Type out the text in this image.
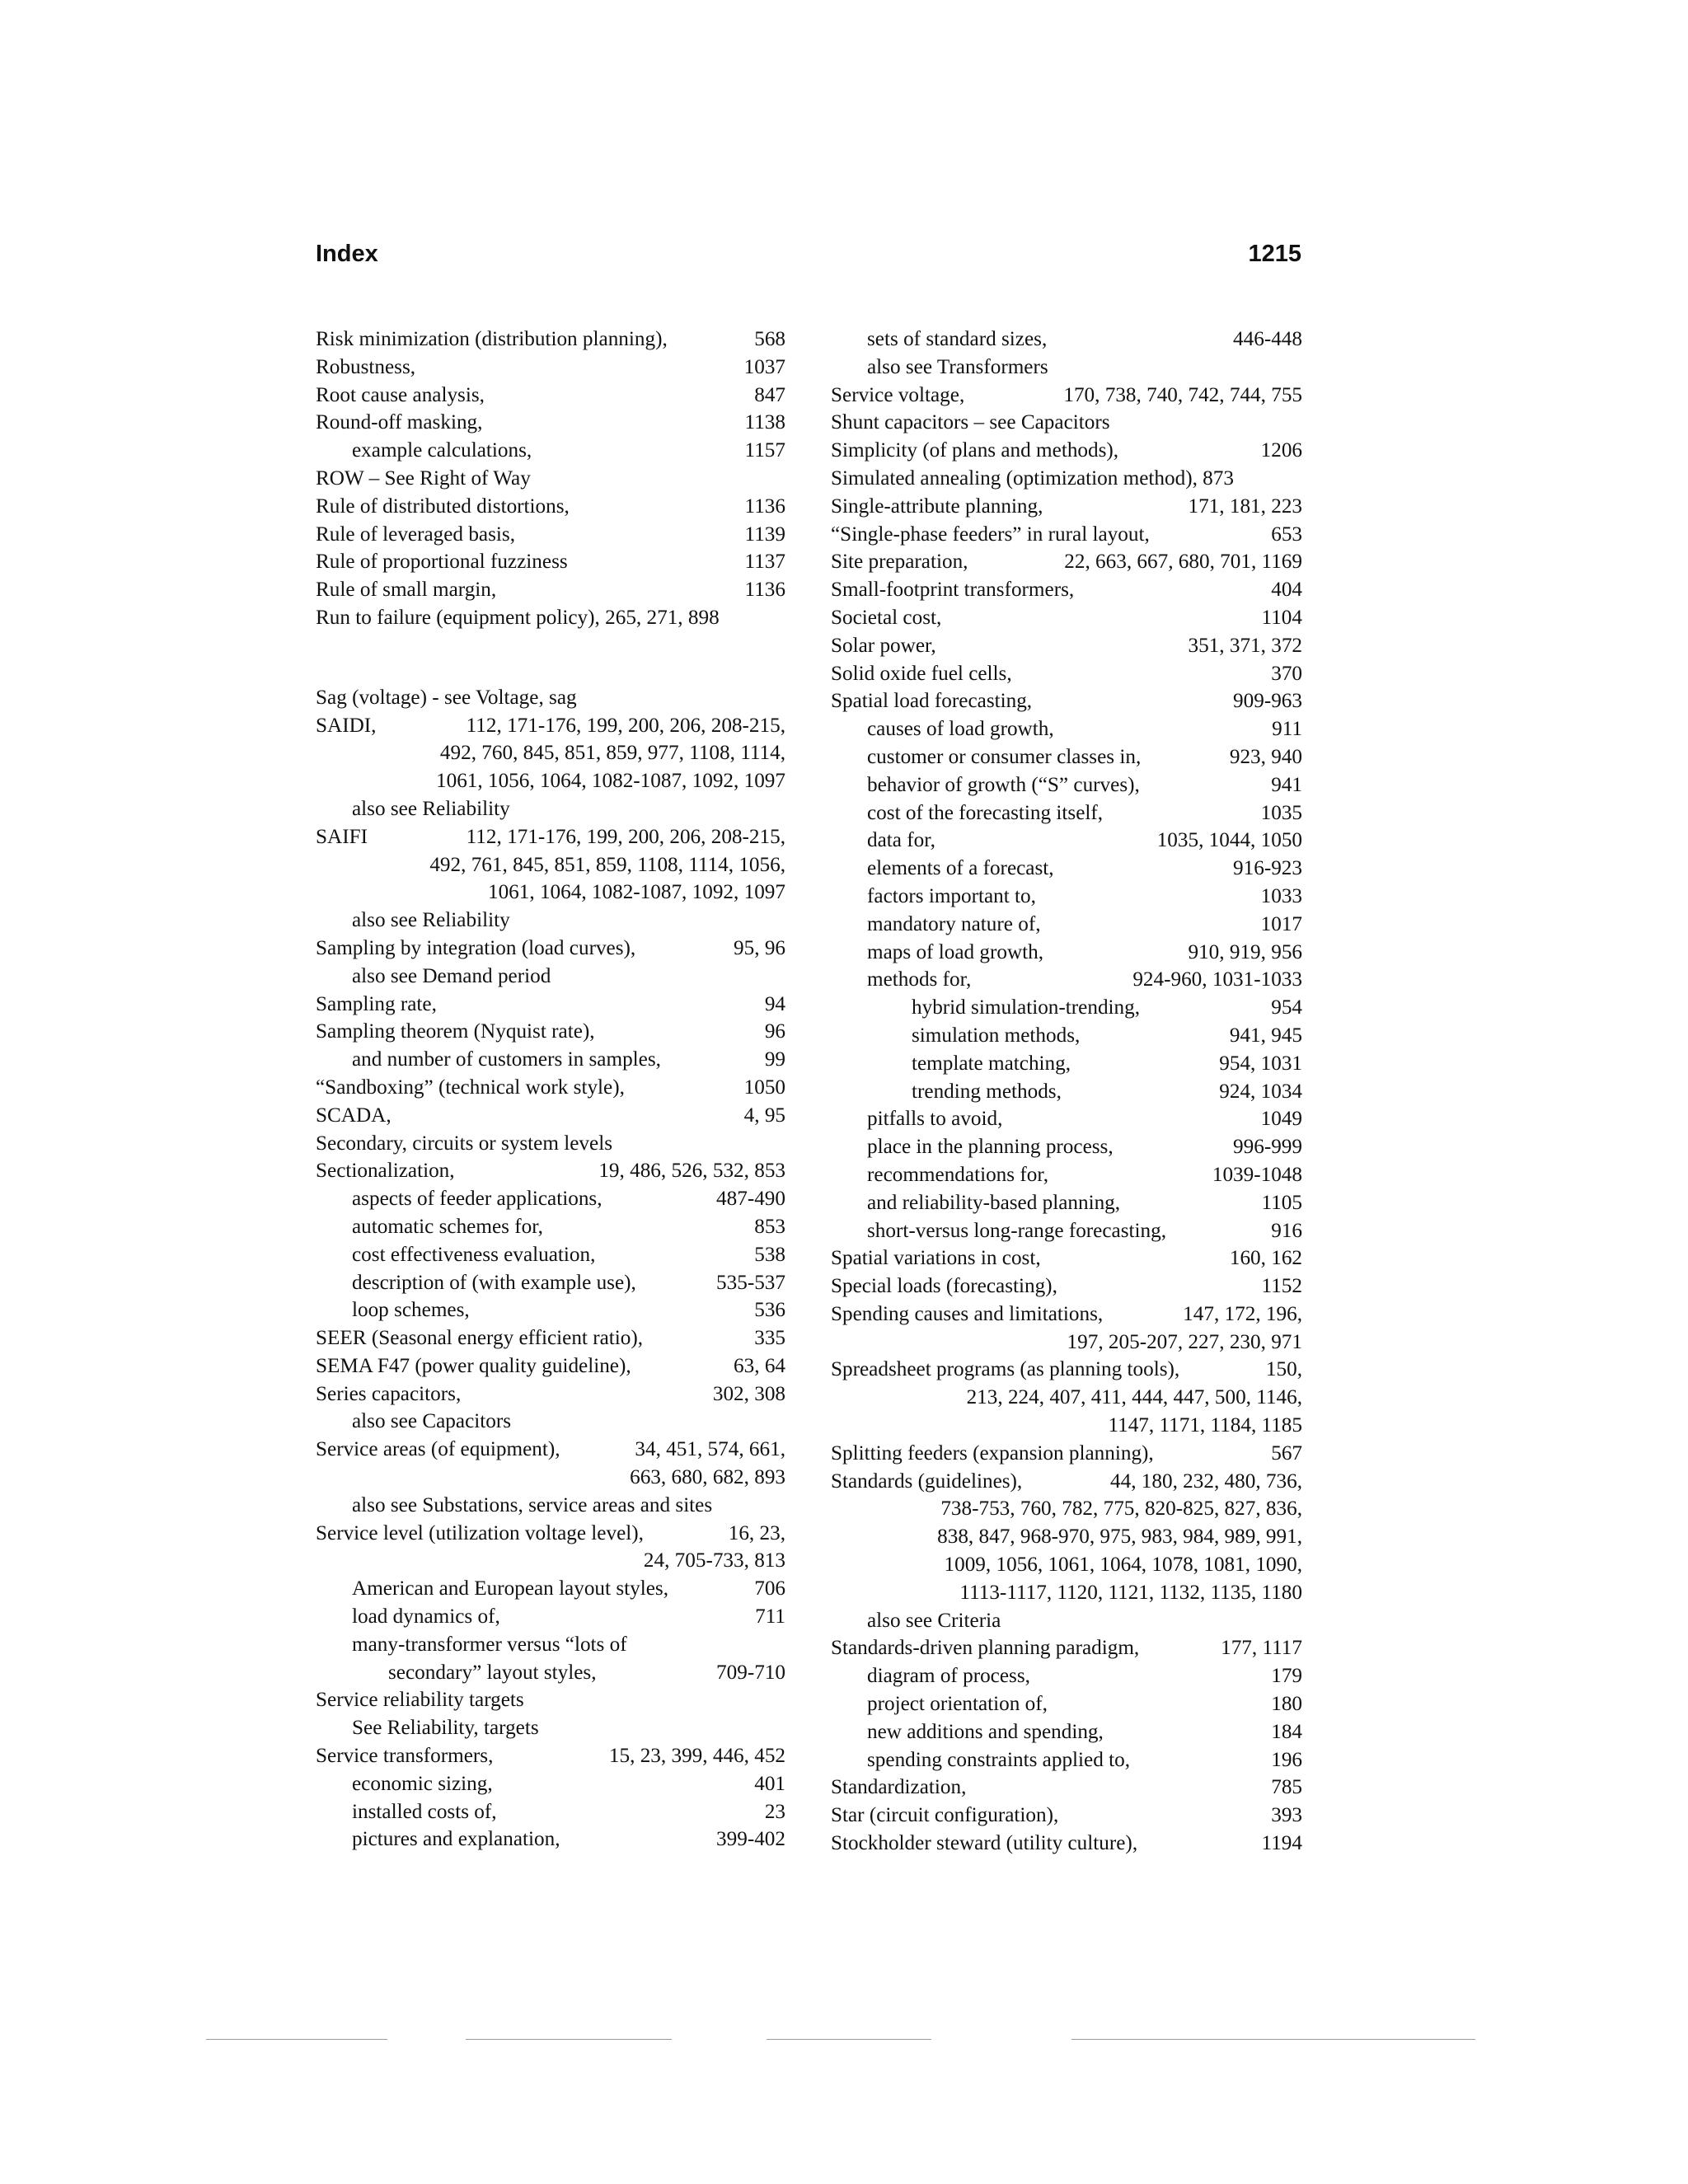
Index	1215
Risk minimization (distribution planning),	568
Robustness,	1037
Root cause analysis,	847
Round-off masking,	1138
example calculations,	1157
ROW – See Right of Way
Rule of distributed distortions,	1136
Rule of leveraged basis,	1139
Rule of proportional fuzziness	1137
Rule of small margin,	1136
Run to failure (equipment policy), 265, 271, 898
Sag (voltage) - see Voltage, sag
SAIDI,	112, 171-176, 199, 200, 206, 208-215,
492, 760, 845, 851, 859, 977, 1108, 1114,
1061, 1056, 1064, 1082-1087, 1092, 1097
also see Reliability
SAIFI	112, 171-176, 199, 200, 206, 208-215,
492, 761, 845, 851, 859, 1108, 1114, 1056,
1061, 1064, 1082-1087, 1092, 1097
also see Reliability
Sampling by integration (load curves),	95, 96
also see Demand period
Sampling rate,	94
Sampling theorem (Nyquist rate),	96
and number of customers in samples,	99
“Sandboxing” (technical work style),	1050
SCADA,	4, 95
Secondary, circuits or system levels
Sectionalization,	19, 486, 526, 532, 853
aspects of feeder applications,	487-490
automatic schemes for,	853
cost effectiveness evaluation,	538
description of (with example use),	535-537
loop schemes,	536
SEER (Seasonal energy efficient ratio),	335
SEMA F47 (power quality guideline),	63, 64
Series capacitors,	302, 308
also see Capacitors
Service areas (of equipment),	34, 451, 574, 661,
663, 680, 682, 893
also see Substations, service areas and sites
Service level (utilization voltage level),	16, 23,
24, 705-733, 813
American and European layout styles,	706
load dynamics of,	711
many-transformer versus “lots of
secondary” layout styles,	709-710
Service reliability targets
See Reliability, targets
Service transformers,	15, 23, 399, 446, 452
economic sizing,	401
installed costs of,	23
pictures and explanation,	399-402
sets of standard sizes,	446-448
also see Transformers
Service voltage,	170, 738, 740, 742, 744, 755
Shunt capacitors – see Capacitors
Simplicity (of plans and methods),	1206
Simulated annealing (optimization method), 873
Single-attribute planning,	171, 181, 223
“Single-phase feeders” in rural layout,	653
Site preparation,	22, 663, 667, 680, 701, 1169
Small-footprint transformers,	404
Societal cost,	1104
Solar power,	351, 371, 372
Solid oxide fuel cells,	370
Spatial load forecasting,	909-963
causes of load growth,	911
customer or consumer classes in,	923, 940
behavior of growth (“S” curves),	941
cost of the forecasting itself,	1035
data for,	1035, 1044, 1050
elements of a forecast,	916-923
factors important to,	1033
mandatory nature of,	1017
maps of load growth,	910, 919, 956
methods for,	924-960, 1031-1033
hybrid simulation-trending,	954
simulation methods,	941, 945
template matching,	954, 1031
trending methods,	924, 1034
pitfalls to avoid,	1049
place in the planning process,	996-999
recommendations for,	1039-1048
and reliability-based planning,	1105
short-versus long-range forecasting,	916
Spatial variations in cost,	160, 162
Special loads (forecasting),	1152
Spending causes and limitations,	147, 172, 196,
197, 205-207, 227, 230, 971
Spreadsheet programs (as planning tools),	150,
213, 224, 407, 411, 444, 447, 500, 1146,
1147, 1171, 1184, 1185
Splitting feeders (expansion planning),	567
Standards (guidelines),	44, 180, 232, 480, 736,
738-753, 760, 782, 775, 820-825, 827, 836,
838, 847, 968-970, 975, 983, 984, 989, 991,
1009, 1056, 1061, 1064, 1078, 1081, 1090,
1113-1117, 1120, 1121, 1132, 1135, 1180
also see Criteria
Standards-driven planning paradigm,	177, 1117
diagram of process,	179
project orientation of,	180
new additions and spending,	184
spending constraints applied to,	196
Standardization,	785
Star (circuit configuration),	393
Stockholder steward (utility culture),	1194
